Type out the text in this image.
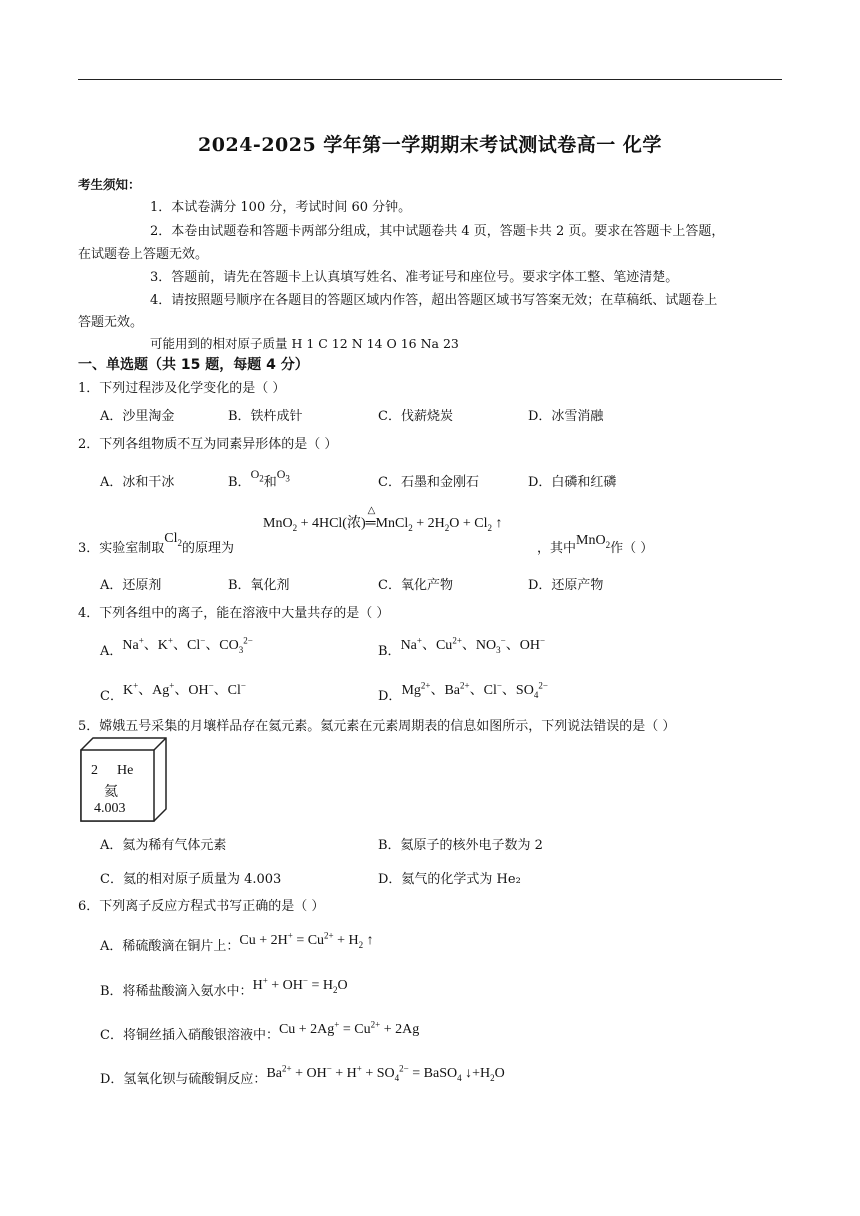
2024-2025 学年第一学期期末考试测试卷高一 化学
考生须知：
1．本试卷满分 100 分，考试时间 60 分钟。
2．本卷由试题卷和答题卡两部分组成，其中试题卷共 4 页，答题卡共 2 页。要求在答题卡上答题，
在试题卷上答题无效。
3．答题前，请先在答题卡上认真填写姓名、准考证号和座位号。要求字体工整、笔迹清楚。
4．请按照题号顺序在各题目的答题区域内作答，超出答题区域书写答案无效；在草稿纸、试题卷上
答题无效。
可能用到的相对原子质量 H 1 C 12 N 14 O 16 Na 23
一、单选题（共 15 题，每题 4 分）
1．下列过程涉及化学变化的是（ ）
A．沙里淘金	B．铁杵成针	C．伐薪烧炭	D．冰雪消融
2．下列各组物质不互为同素异形体的是（ ）
A．冰和干冰	B．$O_2$和$O_3$	C．石墨和金刚石	D．白磷和红磷
3．实验室制取$Cl_2$的原理为
MnO$_2$ + 4HCl(浓)
△
═MnCl$_2$ + $2H_2O + Cl_2$ ↑
，其中MnO$_2$作（ ）
A．还原剂	B．氧化剂	C．氧化产物	D．还原产物
4．下列各组中的离子，能在溶液中大量共存的是（ ）
A．Na+、K+、Cl−、$CO_3^{2-}$
B．Na+、$Cu^{2+}$、$NO_3^-$、OH−
C．K+、Ag+、OH−、Cl−
D．$Mg^{2+}$、$Ba^{2+}$、Cl−、$SO_4^{2-}$
5．嫦娥五号采集的月壤样品存在氦元素。氦元素在元素周期表的信息如图所示，下列说法错误的是（ ）
2 He
氦
4.003
A．氦为稀有气体元素	B．氦原子的核外电子数为 2
C．氦的相对原子质量为 4.003	D．氦气的化学式为 He₂
6．下列离子反应方程式书写正确的是（ ）
A．稀硫酸滴在铜片上：$Cu + 2H^+ = Cu^{2+} + H_2$ ↑
B．将稀盐酸滴入氨水中：$H^+ + OH^- = H_2O$
C．将铜丝插入硝酸银溶液中：$Cu + 2Ag^+ = Cu^{2+} + 2Ag$
D．氢氧化钡与硫酸铜反应：$Ba^{2+} + OH^- + H^+ + SO_4^{2-}$ = BaSO$_4$ $↓+H_2O$
